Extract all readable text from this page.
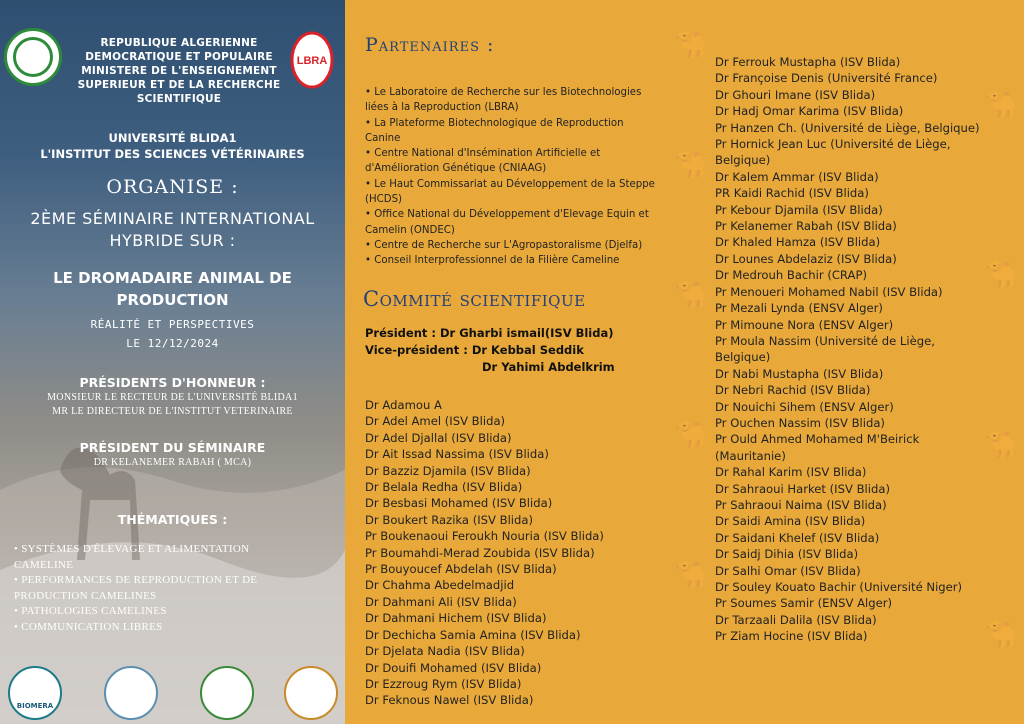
LBRA
REPUBLIQUE ALGERIENNE DEMOCRATIQUE ET POPULAIRE MINISTERE DE L'ENSEIGNEMENT SUPERIEUR ET DE LA RECHERCHE SCIENTIFIQUE
UNIVERSITÉ BLIDA1
L'INSTITUT DES SCIENCES VÉTÉRINAIRES
ORGANISE :
2ÈME SÉMINAIRE INTERNATIONAL
HYBRIDE SUR :
LE DROMADAIRE ANIMAL DE
PRODUCTION
RÉALITÉ ET PERSPECTIVES
LE 12/12/2024
PRÉSIDENTS D'HONNEUR :
MONSIEUR LE RECTEUR DE L'UNIVERSITÉ BLIDA1
MR LE DIRECTEUR DE L'INSTITUT VETERINAIRE
PRÉSIDENT DU SÉMINAIRE
DR KELANEMER RABAH ( MCA)
THÉMATIQUES :
• SYSTÈMES D'ÉLEVAGE ET ALIMENTATION
CAMELINE
• PERFORMANCES DE REPRODUCTION ET DE
PRODUCTION CAMELINES
• PATHOLOGIES CAMELINES
• COMMUNICATION LIBRES
BIOMERA
🐪
🐪
🐪
🐪
🐪
🐪
🐪
🐪
🐪
Partenaires :
• Le Laboratoire de Recherche sur les Biotechnologies liées à la Reproduction (LBRA)
• La Plateforme Biotechnologique de Reproduction Canine
• Centre National d'Insémination Artificielle et d'Amélioration Génétique (CNIAAG)
• Le Haut Commissariat au Développement de la Steppe (HCDS)
• Office National du Développement d'Elevage Equin et Camelin (ONDEC)
• Centre de Recherche sur L'Agropastoralisme (Djelfa)
• Conseil Interprofessionnel de la Filière Cameline
Commité scientifique
Président : Dr Gharbi ismail(ISV Blida)
Vice-président : Dr Kebbal Seddik
Dr Yahimi Abdelkrim
Dr Adamou A
Dr Adel Amel (ISV Blida)
Dr Adel Djallal (ISV Blida)
Dr Ait Issad Nassima (ISV Blida)
Dr Bazziz Djamila (ISV Blida)
Dr Belala Redha (ISV Blida)
Dr Besbasi Mohamed (ISV Blida)
Dr Boukert Razika (ISV Blida)
Pr Boukenaoui Feroukh Nouria (ISV Blida)
Pr Boumahdi-Merad Zoubida (ISV Blida)
Pr Bouyoucef Abdelah (ISV Blida)
Dr Chahma Abedelmadjid
Dr Dahmani Ali (ISV Blida)
Dr Dahmani Hichem (ISV Blida)
Dr Dechicha Samia Amina (ISV Blida)
Dr Djelata Nadia (ISV Blida)
Dr Douifi Mohamed (ISV Blida)
Dr Ezzroug Rym (ISV Blida)
Dr Feknous Nawel (ISV Blida)
Dr Ferrouk Mustapha (ISV Blida)
Dr Françoise Denis (Université France)
Dr Ghouri Imane (ISV Blida)
Dr Hadj Omar Karima (ISV Blida)
Pr Hanzen Ch. (Université de Liège, Belgique)
Pr Hornick Jean Luc (Université de Liège,
Belgique)
Dr Kalem Ammar (ISV Blida)
PR Kaidi Rachid (ISV Blida)
Pr Kebour Djamila (ISV Blida)
Pr Kelanemer Rabah (ISV Blida)
Dr Khaled Hamza (ISV Blida)
Dr Lounes Abdelaziz (ISV Blida)
Dr Medrouh Bachir (CRAP)
Pr Menoueri Mohamed Nabil (ISV Blida)
Pr Mezali Lynda (ENSV Alger)
Pr Mimoune Nora (ENSV Alger)
Pr Moula Nassim (Université de Liège,
Belgique)
Dr Nabi Mustapha (ISV Blida)
Dr Nebri Rachid (ISV Blida)
Dr Nouichi Sihem (ENSV Alger)
Pr Ouchen Nassim (ISV Blida)
Pr Ould Ahmed Mohamed M'Beirick
(Mauritanie)
Dr Rahal Karim (ISV Blida)
Dr Sahraoui Harket (ISV Blida)
Pr Sahraoui Naima (ISV Blida)
Dr Saidi Amina (ISV Blida)
Dr Saidani Khelef (ISV Blida)
Dr Saidj Dihia (ISV Blida)
Dr Salhi Omar (ISV Blida)
Dr Souley Kouato Bachir (Université Niger)
Pr Soumes Samir (ENSV Alger)
Dr Tarzaali Dalila (ISV Blida)
Pr Ziam Hocine (ISV Blida)
